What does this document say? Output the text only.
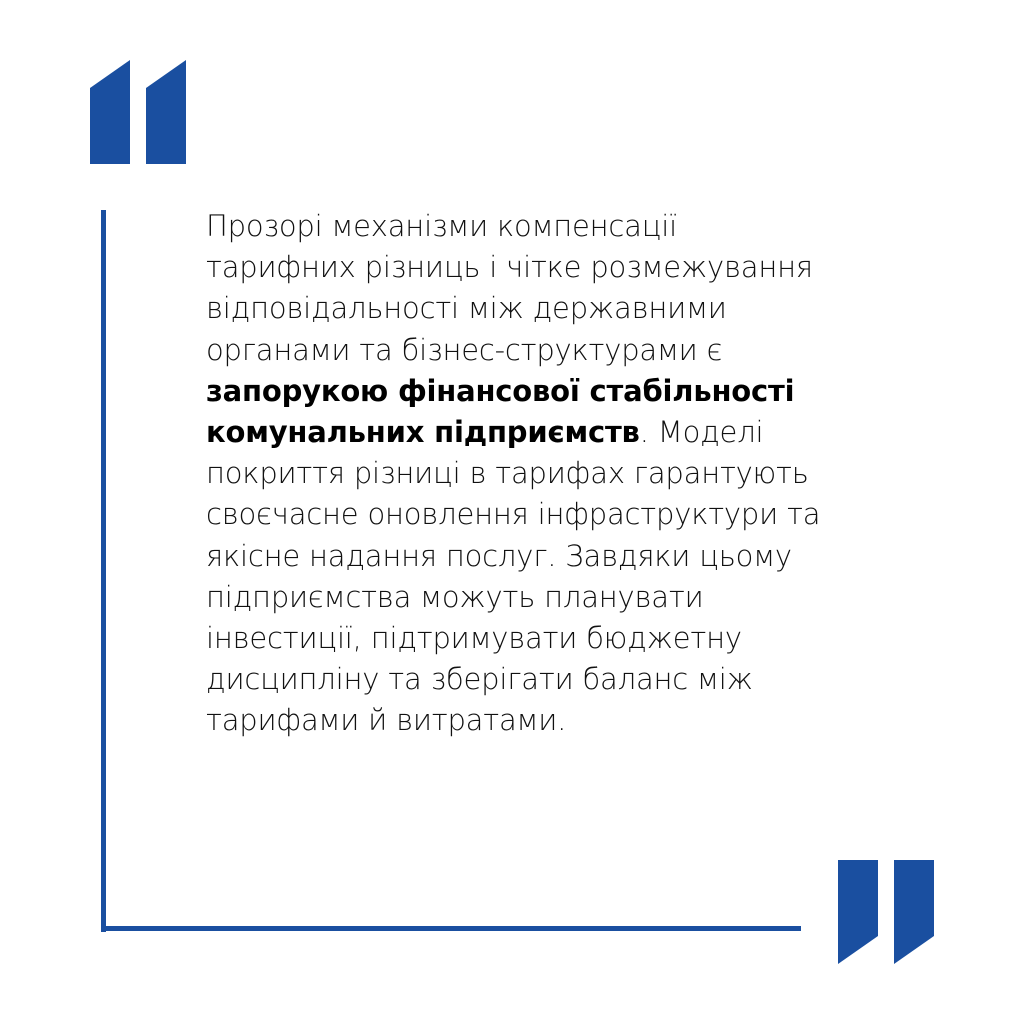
Прозорі механізми компенсації тарифних різниць і чітке розмежування відповідальності між державними органами та бізнес-структурами є запорукою фінансової стабільності комунальних підприємств. Моделі покриття різниці в тарифах гарантують своєчасне оновлення інфраструктури та якісне надання послуг. Завдяки цьому підприємства можуть планувати інвестиції, підтримувати бюджетну дисципліну та зберігати баланс між тарифами й витратами.
